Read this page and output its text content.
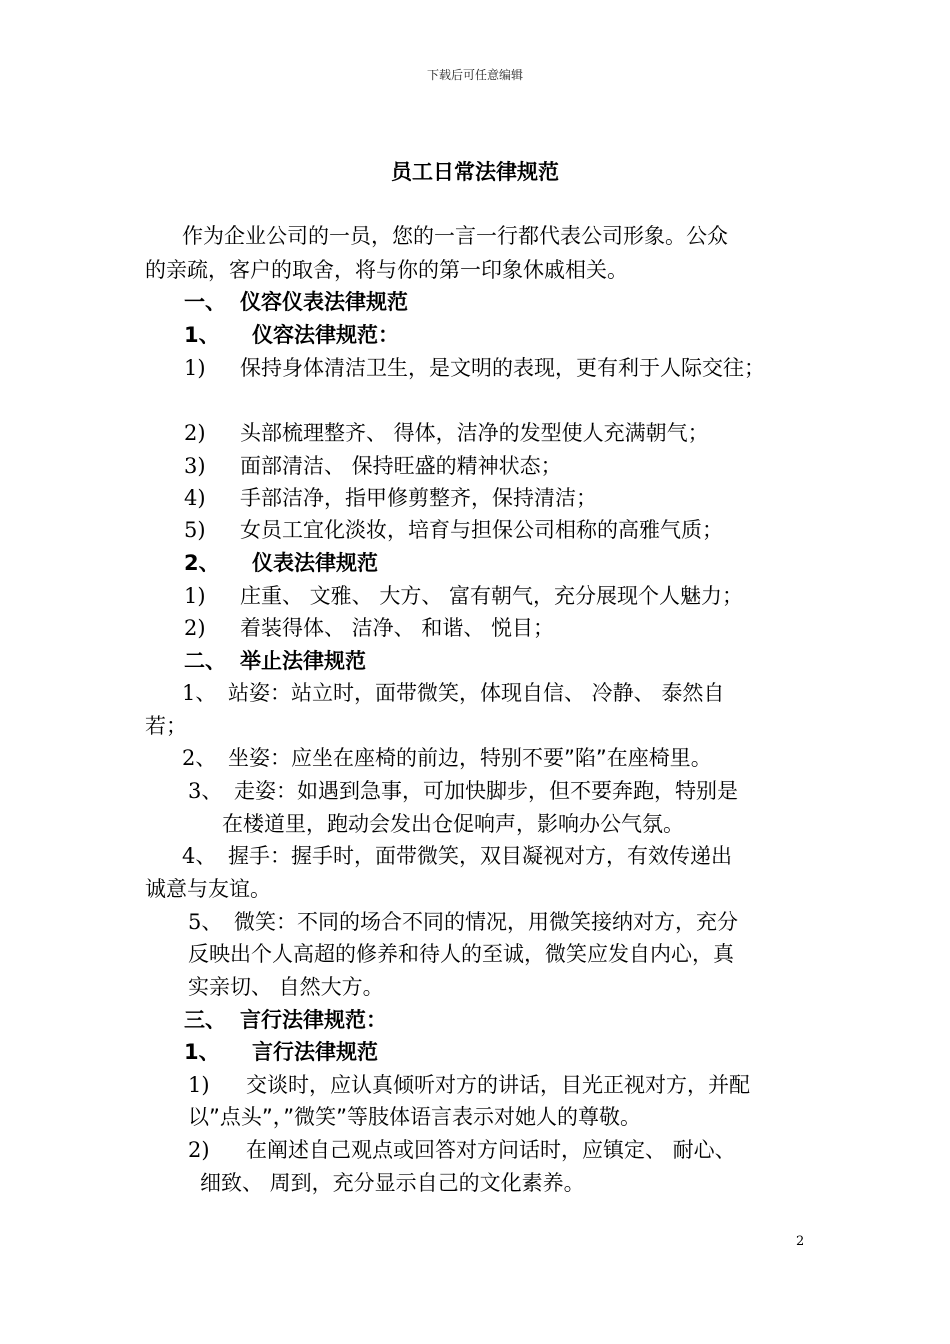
下载后可任意编辑
员工日常法律规范
作为企业公司的一员，您的一言一行都代表公司形象。公众
的亲疏，客户的取舍，将与你的第一印象休戚相关。
一、 仪容仪表法律规范
1、 仪容法律规范：
1) 保持身体清洁卫生，是文明的表现，更有利于人际交往；
2) 头部梳理整齐、 得体，洁净的发型使人充满朝气；
3) 面部清洁、 保持旺盛的精神状态；
4) 手部洁净，指甲修剪整齐，保持清洁；
5) 女员工宜化淡妆，培育与担保公司相称的高雅气质；
2、 仪表法律规范
1) 庄重、 文雅、 大方、 富有朝气，充分展现个人魅力；
2) 着装得体、 洁净、 和谐、 悦目；
二、 举止法律规范
1、 站姿：站立时，面带微笑，体现自信、 冷静、 泰然自
若；
2、 坐姿：应坐在座椅的前边，特别不要”陷”在座椅里。
3、 走姿：如遇到急事，可加快脚步，但不要奔跑，特别是
在楼道里，跑动会发出仓促响声，影响办公气氛。
4、 握手：握手时，面带微笑，双目凝视对方，有效传递出
诚意与友谊。
5、 微笑：不同的场合不同的情况，用微笑接纳对方，充分
反映出个人高超的修养和待人的至诚，微笑应发自内心，真
实亲切、 自然大方。
三、 言行法律规范：
1、 言行法律规范
1) 交谈时，应认真倾听对方的讲话，目光正视对方，并配
以”点头”，”微笑”等肢体语言表示对她人的尊敬。
2) 在阐述自己观点或回答对方问话时，应镇定、 耐心、
细致、 周到，充分显示自己的文化素养。
2
